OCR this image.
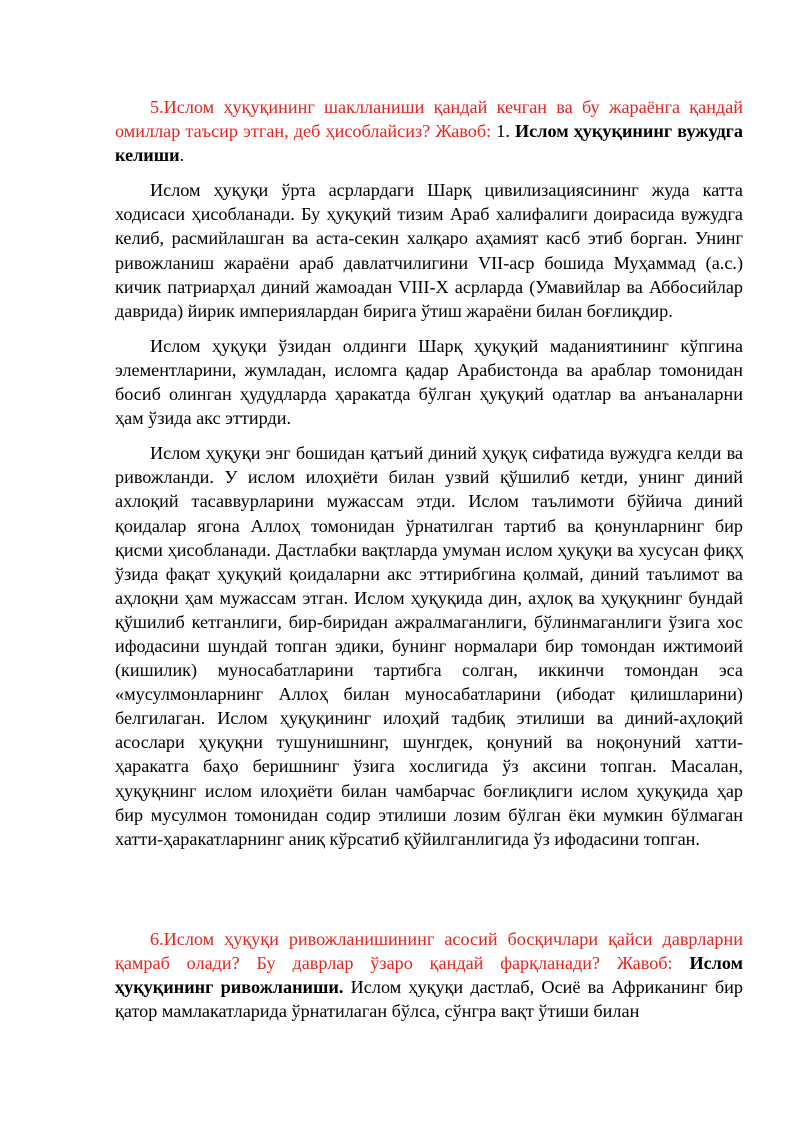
5.Ислом ҳуқуқининг шаклланиши қандай кечган ва бу жараёнга қандай омиллар таъсир этган, деб ҳисоблайсиз? Жавоб: 1. Ислом ҳуқуқининг вужудга келиши.

Ислом ҳуқуқи ўрта асрлардаги Шарқ цивилизациясининг жуда катта ходисаси ҳисобланади. Бу ҳуқуқий тизим Араб халифалиги доирасида вужудга келиб, расмийлашган ва аста-секин халқаро аҳамият касб этиб борган. Унинг ривожланиш жараёни араб давлатчилигини VII-аср бошида Муҳаммад (а.с.) кичик патриарҳал диний жамоадан VIII-X асрларда (Умавийлар ва Аббосийлар даврида) йирик империялардан бирига ўтиш жараёни билан боғлиқдир.

Ислом ҳуқуқи ўзидан олдинги Шарқ ҳуқуқий маданиятининг кўпгина элементларини, жумладан, исломга қадар Арабистонда ва араблар томонидан босиб олинган ҳудудларда ҳаракатда бўлган ҳуқуқий одатлар ва анъаналарни ҳам ўзида акс эттирди.

Ислом ҳуқуқи энг бошидан қатъий диний ҳуқуқ сифатида вужудга келди ва ривожланди. У ислом илоҳиёти билан узвий қўшилиб кетди, унинг диний ахлоқий тасаввурларини мужассам этди. Ислом таълимоти бўйича диний қоидалар ягона Аллоҳ томонидан ўрнатилган тартиб ва қонунларнинг бир қисми ҳисобланади. Дастлабки вақтларда умуман ислом ҳуқуқи ва хусусан фиқҳ ўзида фақат ҳуқуқий қоидаларни акс эттирибгина қолмай, диний таълимот ва аҳлоқни ҳам мужассам этган. Ислом ҳуқуқида дин, аҳлоқ ва ҳуқуқнинг бундай қўшилиб кетганлиги, бир-биридан ажралмаганлиги, бўлинмаганлиги ўзига хос ифодасини шундай топган эдики, бунинг нормалари бир томондан ижтимоий (кишилик) муносабатларини тартибга солган, иккинчи томондан эса «мусулмонларнинг Аллоҳ билан муносабатларини (ибодат қилишларини) белгилаган. Ислом ҳуқуқининг илоҳий тадбиқ этилиши ва диний-аҳлоқий асослари ҳуқуқни тушунишнинг, шунгдек, қонуний ва ноқонуний хатти-ҳаракатга баҳо беришнинг ўзига хослигида ўз аксини топган. Масалан, ҳуқуқнинг ислом илоҳиёти билан чамбарчас боғлиқлиги ислом ҳуқуқида ҳар бир мусулмон томонидан содир этилиши лозим бўлган ёки мумкин бўлмаган хатти-ҳаракатларнинг аниқ кўрсатиб қўйилганлигида ўз ифодасини топган.

6.Ислом ҳуқуқи ривожланишининг асосий босқичлари қайси даврларни қамраб олади? Бу даврлар ўзаро қандай фарқланади? Жавоб: Ислом ҳуқуқининг ривожланиши. Ислом ҳуқуқи дастлаб, Осиё ва Африканинг бир қатор мамлакатларида ўрнатилаган бўлса, сўнгра вақт ўтиши билан
